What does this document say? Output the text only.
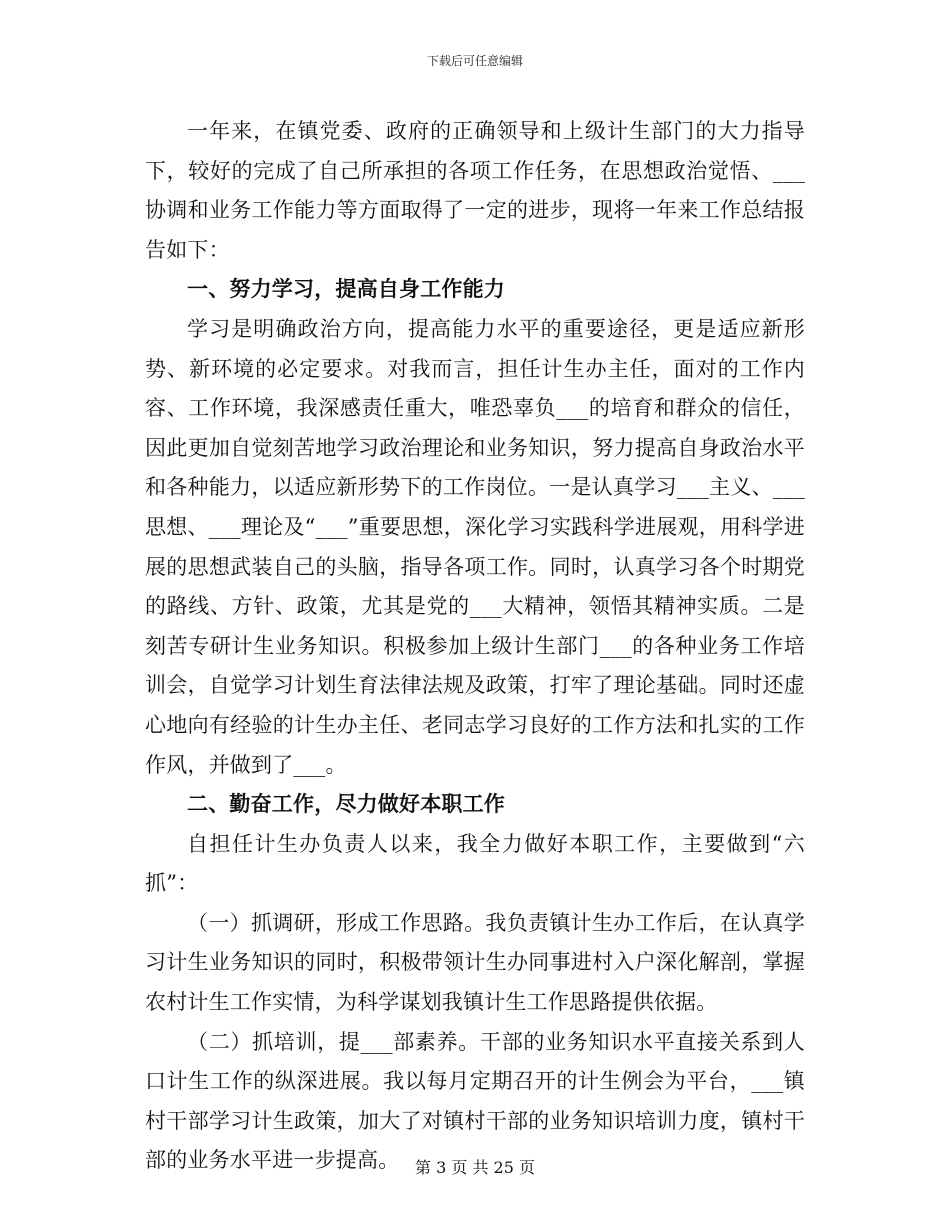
下载后可任意编辑

一年来，在镇党委、政府的正确领导和上级计生部门的大力指导下，较好的完成了自己所承担的各项工作任务，在思想政治觉悟、___协调和业务工作能力等方面取得了一定的进步，现将一年来工作总结报告如下：

一、努力学习，提高自身工作能力

学习是明确政治方向，提高能力水平的重要途径，更是适应新形势、新环境的必定要求。对我而言，担任计生办主任，面对的工作内容、工作环境，我深感责任重大，唯恐辜负___的培育和群众的信任，因此更加自觉刻苦地学习政治理论和业务知识，努力提高自身政治水平和各种能力，以适应新形势下的工作岗位。一是认真学习___主义、___思想、___理论及“___”重要思想，深化学习实践科学进展观，用科学进展的思想武装自己的头脑，指导各项工作。同时，认真学习各个时期党的路线、方针、政策，尤其是党的___大精神，领悟其精神实质。二是刻苦专研计生业务知识。积极参加上级计生部门___的各种业务工作培训会，自觉学习计划生育法律法规及政策，打牢了理论基础。同时还虚心地向有经验的计生办主任、老同志学习良好的工作方法和扎实的工作作风，并做到了___。

二、勤奋工作，尽力做好本职工作

自担任计生办负责人以来，我全力做好本职工作，主要做到“六抓”：

（一）抓调研，形成工作思路。我负责镇计生办工作后，在认真学习计生业务知识的同时，积极带领计生办同事进村入户深化解剖，掌握农村计生工作实情，为科学谋划我镇计生工作思路提供依据。

（二）抓培训，提___部素养。干部的业务知识水平直接关系到人口计生工作的纵深进展。我以每月定期召开的计生例会为平台，___镇村干部学习计生政策，加大了对镇村干部的业务知识培训力度，镇村干部的业务水平进一步提高。 第 3 页 共 25 页
